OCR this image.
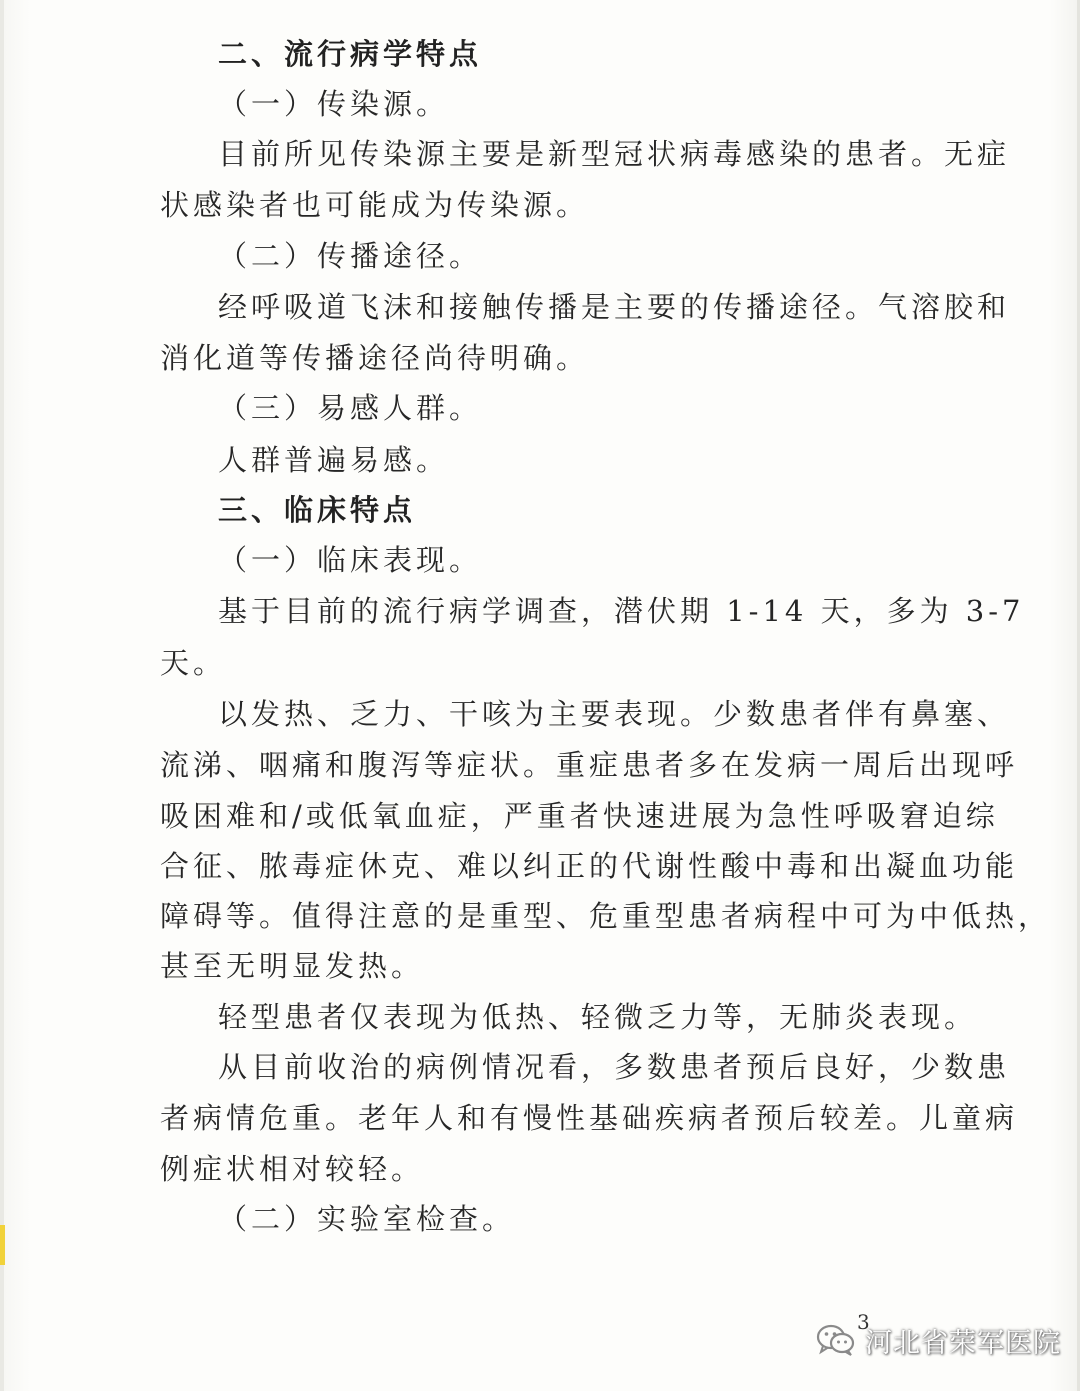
二、流行病学特点
（一）传染源。
目前所见传染源主要是新型冠状病毒感染的患者。无症
状感染者也可能成为传染源。
（二）传播途径。
经呼吸道飞沫和接触传播是主要的传播途径。气溶胶和
消化道等传播途径尚待明确。
（三）易感人群。
人群普遍易感。
三、临床特点
（一）临床表现。
基于目前的流行病学调查，潜伏期 1-14 天，多为 3-7
天。
以发热、乏力、干咳为主要表现。少数患者伴有鼻塞、
流涕、咽痛和腹泻等症状。重症患者多在发病一周后出现呼
吸困难和/或低氧血症，严重者快速进展为急性呼吸窘迫综
合征、脓毒症休克、难以纠正的代谢性酸中毒和出凝血功能
障碍等。值得注意的是重型、危重型患者病程中可为中低热，
甚至无明显发热。
轻型患者仅表现为低热、轻微乏力等，无肺炎表现。
从目前收治的病例情况看，多数患者预后良好，少数患
者病情危重。老年人和有慢性基础疾病者预后较差。儿童病
例症状相对较轻。
（二）实验室检查。
3
河北省荣军医院
